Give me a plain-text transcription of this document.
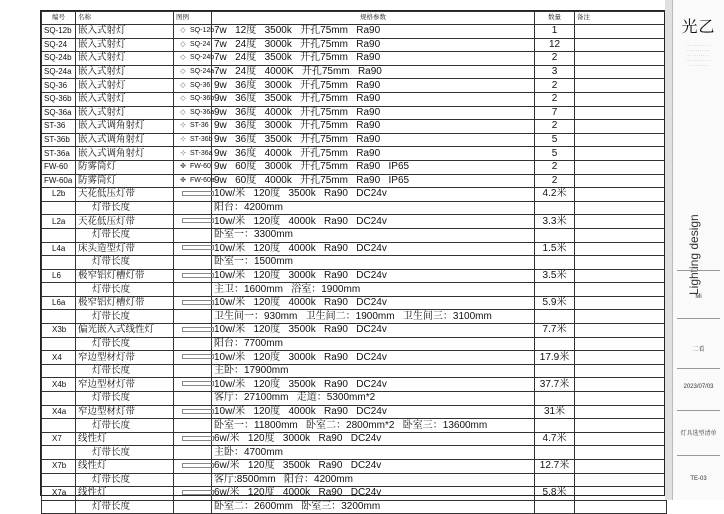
编号	名称	图例	规格参数	数量	备注
SQ-12b	嵌入式射灯	◇ SQ-12b	7w   12度   3500k   开孔75mm   Ra90	1	
SQ-24	嵌入式射灯	◇ SQ-24	7w   24度   3000k   开孔75mm   Ra90	12	
SQ-24b	嵌入式射灯	◇ SQ-24b	7w   24度   3500k   开孔75mm   Ra90	2	
SQ-24a	嵌入式射灯	◇ SQ-24a	7w   24度   4000K   开孔75mm   Ra90	3	
SQ-36	嵌入式射灯	◇ SQ-36	9w   36度   3000k   开孔75mm   Ra90	2	
SQ-36b	嵌入式射灯	◇ SQ-36b	9w   36度   3500k   开孔75mm   Ra90	2	
SQ-36a	嵌入式射灯	◇ SQ-36a	9w   36度   4000k   开孔75mm   Ra90	7	
ST-36	嵌入式调角射灯	⊹ ST-36	9w   36度   3000k   开孔75mm   Ra90	2	
ST-36b	嵌入式调角射灯	⊹ ST-36b	9w   36度   3500k   开孔75mm   Ra90	5	
ST-36a	嵌入式调角射灯	⊹ ST-36a	9w   36度   4000k   开孔75mm   Ra90	5	
FW-60	防雾筒灯	✤ FW-60	9w   60度   3000k   开孔75mm   Ra90   IP65	2	
FW-60a	防雾筒灯	✤ FW-60a	9w   60度   4000k   开孔75mm   Ra90   IP65	2	
L2b	天花低压灯带		10w/米   120度   3500k   Ra90   DC24v	4.2米	
	灯带长度		阳台：4200mm		
L2a	天花低压灯带		10w/米   120度   4000k   Ra90   DC24v	3.3米	
	灯带长度		卧室一：3300mm		
L4a	床头造型灯带		10w/米   120度   4000k   Ra90   DC24v	1.5米	
	灯带长度		卧室一：1500mm		
L6	极窄铝灯槽灯带		10w/米   120度   3000k   Ra90   DC24v	3.5米	
	灯带长度		主卫：1600mm   浴室：1900mm		
L6a	极窄铝灯槽灯带		10w/米   120度   4000k   Ra90   DC24v	5.9米	
	灯带长度		卫生间一：930mm   卫生间二：1900mm   卫生间三：3100mm		
X3b	偏光嵌入式线性灯		10w/米   120度   3500k   Ra90   DC24v	7.7米	
	灯带长度		阳台：7700mm		
X4	窄边型材灯带		10w/米   120度   3000k   Ra90   DC24v	17.9米	
	灯带长度		主卧：17900mm		
X4b	窄边型材灯带		10w/米   120度   3500k   Ra90   DC24v	37.7米	
	灯带长度		客厅：27100mm   走道：5300mm*2		
X4a	窄边型材灯带		10w/米   120度   4000k   Ra90   DC24v	31米	
	灯带长度		卧室一：11800mm   卧室二：2800mm*2   卧室三：13600mm		
X7	线性灯		6w/米   120度   3000k   Ra90   DC24v	4.7米	
	灯带长度		主卧：4700mm		
X7b	线性灯		6w/米   120度   3500k   Ra90   DC24v	12.7米	
	灯带长度		客厅:8500mm   阳台：4200mm		
X7a	线性灯		6w/米   120度   4000k   Ra90   DC24v	5.8米	
	灯带长度		卧室二：2600mm   卧室三：3200mm		
光乙
· · · · · · · · · · · ·
· · · · · · · · · · ·
· · · · · · · · · ·
· · · · · · · · · · · ·
· · · · · · · · ·
Lighting design
Mi
二看
2023/07/03
灯具选型清单
TE-03
